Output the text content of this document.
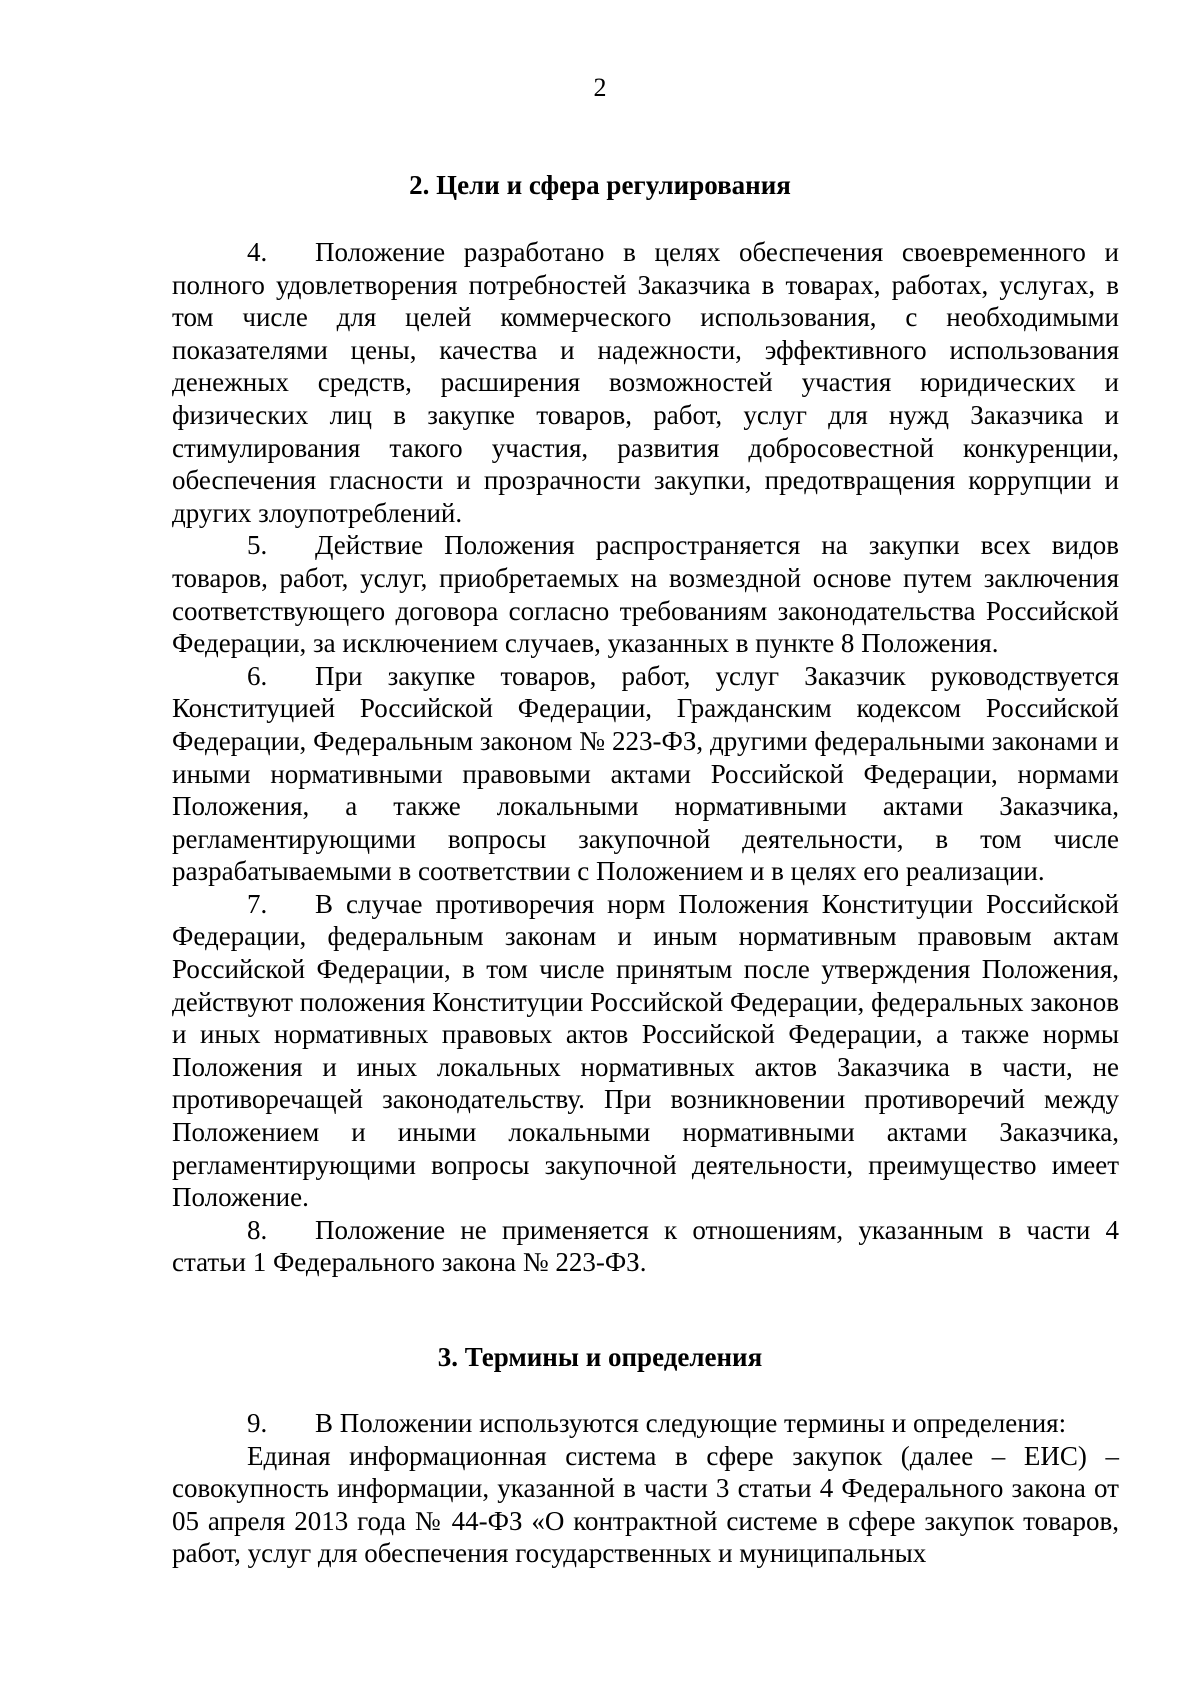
2
2. Цели и сфера регулирования

4. Положение разработано в целях обеспечения своевременного и полного удовлетворения потребностей Заказчика в товарах, работах, услугах, в том числе для целей коммерческого использования, с необходимыми показателями цены, качества и надежности, эффективного использования денежных средств, расширения возможностей участия юридических и физических лиц в закупке товаров, работ, услуг для нужд Заказчика и стимулирования такого участия, развития добросовестной конкуренции, обеспечения гласности и прозрачности закупки, предотвращения коррупции и других злоупотреблений.

5. Действие Положения распространяется на закупки всех видов товаров, работ, услуг, приобретаемых на возмездной основе путем заключения соответствующего договора согласно требованиям законодательства Российской Федерации, за исключением случаев, указанных в пункте 8 Положения.

6. При закупке товаров, работ, услуг Заказчик руководствуется Конституцией Российской Федерации, Гражданским кодексом Российской Федерации, Федеральным законом № 223-ФЗ, другими федеральными законами и иными нормативными правовыми актами Российской Федерации, нормами Положения, а также локальными нормативными актами Заказчика, регламентирующими вопросы закупочной деятельности, в том числе разрабатываемыми в соответствии с Положением и в целях его реализации.

7. В случае противоречия норм Положения Конституции Российской Федерации, федеральным законам и иным нормативным правовым актам Российской Федерации, в том числе принятым после утверждения Положения, действуют положения Конституции Российской Федерации, федеральных законов и иных нормативных правовых актов Российской Федерации, а также нормы Положения и иных локальных нормативных актов Заказчика в части, не противоречащей законодательству. При возникновении противоречий между Положением и иными локальными нормативными актами Заказчика, регламентирующими вопросы закупочной деятельности, преимущество имеет Положение.

8. Положение не применяется к отношениям, указанным в части 4 статьи 1 Федерального закона № 223-ФЗ.

3. Термины и определения

9. В Положении используются следующие термины и определения:

Единая информационная система в сфере закупок (далее – ЕИС) – совокупность информации, указанной в части 3 статьи 4 Федерального закона от 05 апреля 2013 года № 44-ФЗ «О контрактной системе в сфере закупок товаров, работ, услуг для обеспечения государственных и муниципальных
